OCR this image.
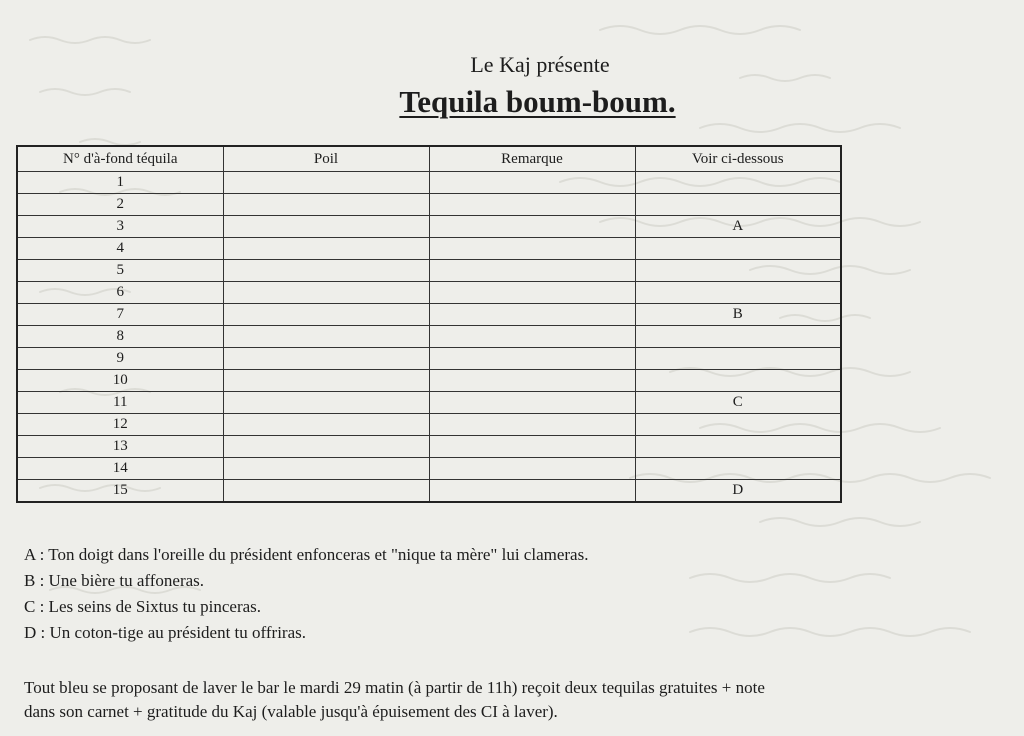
Le Kaj présente
Tequila boum-boum.
N° d'à-fond téquila	Poil	Remarque	Voir ci-dessous
1			
2			
3			A
4			
5			
6			
7			B
8			
9			
10			
11			C
12			
13			
14			
15			D
A : Ton doigt dans l'oreille du président enfonceras et "nique ta mère" lui clameras.
B : Une bière tu affoneras.
C : Les seins de Sixtus tu pinceras.
D : Un coton-tige au président tu offriras.
Tout bleu se proposant de laver le bar le mardi 29 matin (à partir de 11h) reçoit deux tequilas gratuites + note
dans son carnet + gratitude du Kaj (valable jusqu'à épuisement des CI à laver).
